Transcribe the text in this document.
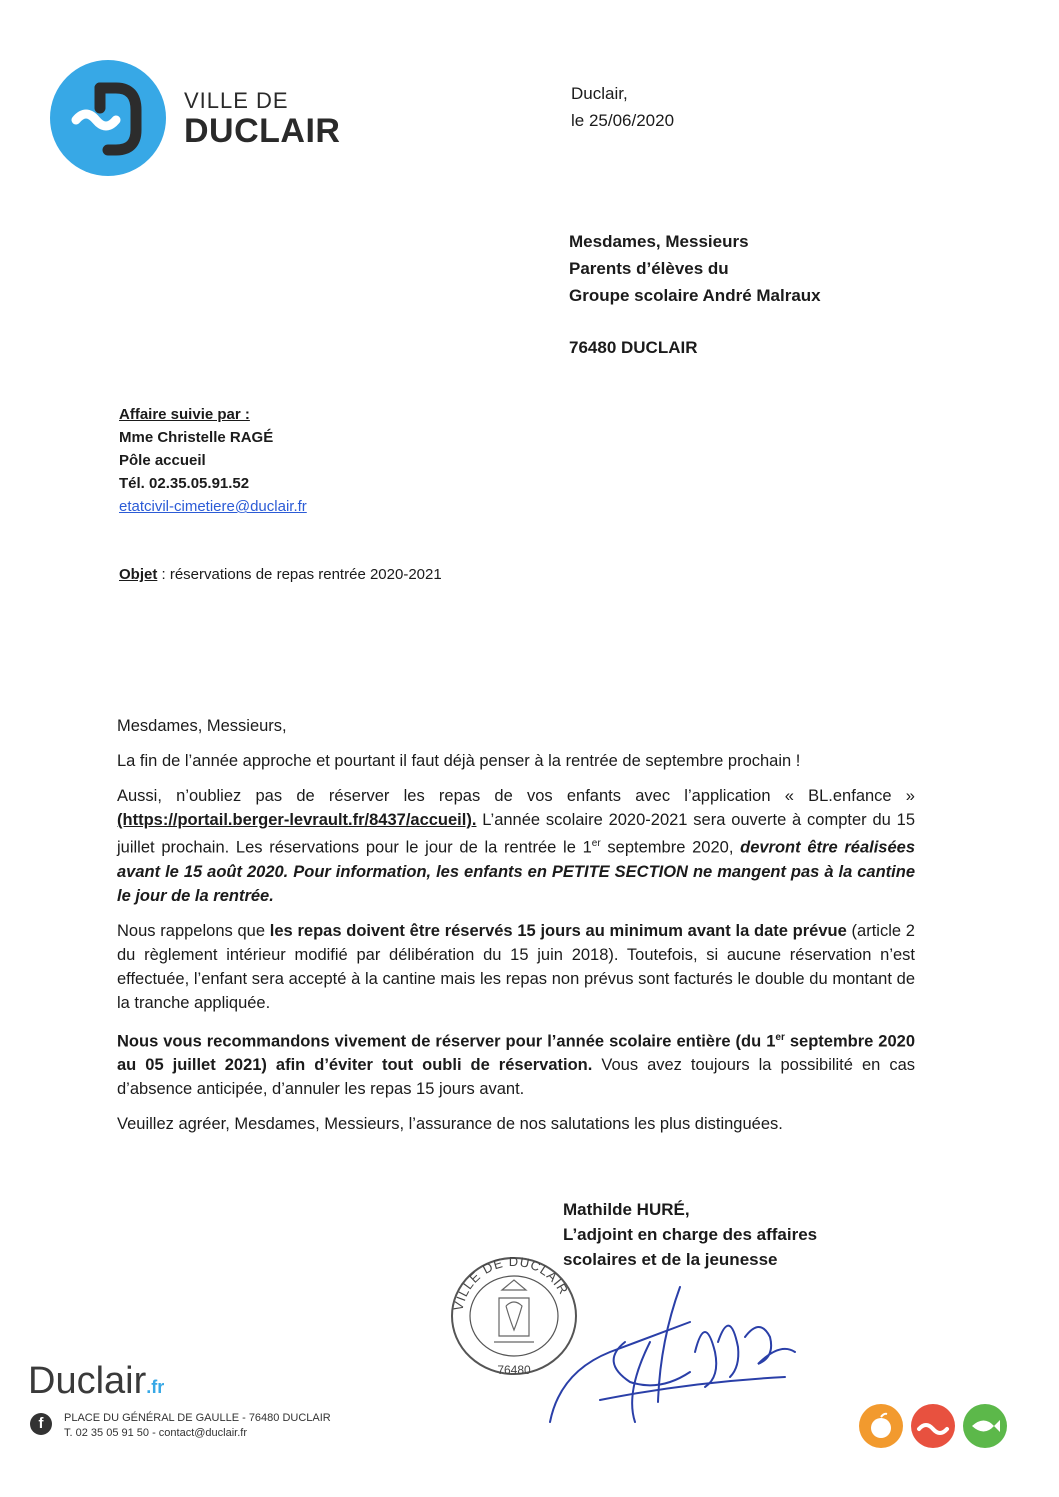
VILLE DE
DUCLAIR
Duclair,
le 25/06/2020
Mesdames, Messieurs
Parents d’élèves du
Groupe scolaire André Malraux
76480 DUCLAIR
Affaire suivie par :
Mme Christelle RAGÉ
Pôle accueil
Tél. 02.35.05.91.52
etatcivil-cimetiere@duclair.fr
Objet : réservations de repas rentrée 2020-2021

Mesdames, Messieurs,

La fin de l’année approche et pourtant il faut déjà penser à la rentrée de septembre prochain !

Aussi, n’oubliez pas de réserver les repas de vos enfants avec l’application « BL.enfance » (https://portail.berger-levrault.fr/8437/accueil). L’année scolaire 2020-2021 sera ouverte à compter du 15 juillet prochain. Les réservations pour le jour de la rentrée le 1er septembre 2020, devront être réalisées avant le 15 août 2020. Pour information, les enfants en PETITE SECTION ne mangent pas à la cantine le jour de la rentrée.

Nous rappelons que les repas doivent être réservés 15 jours au minimum avant la date prévue (article 2 du règlement intérieur modifié par délibération du 15 juin 2018). Toutefois, si aucune réservation n’est effectuée, l’enfant sera accepté à la cantine mais les repas non prévus sont facturés le double du montant de la tranche appliquée.

Nous vous recommandons vivement de réserver pour l’année scolaire entière (du 1er septembre 2020 au 05 juillet 2021) afin d’éviter tout oubli de réservation. Vous avez toujours la possibilité en cas d’absence anticipée, d’annuler les repas 15 jours avant.

Veuillez agréer, Mesdames, Messieurs, l’assurance de nos salutations les plus distinguées.

Mathilde HURÉ,
L’adjoint en charge des affaires
scolaires et de la jeunesse
VILLE DE DUCLAIR
76480
Duclair.fr
f	PLACE DU GÉNÉRAL DE GAULLE - 76480 DUCLAIR
T. 02 35 05 91 50 - contact@duclair.fr
